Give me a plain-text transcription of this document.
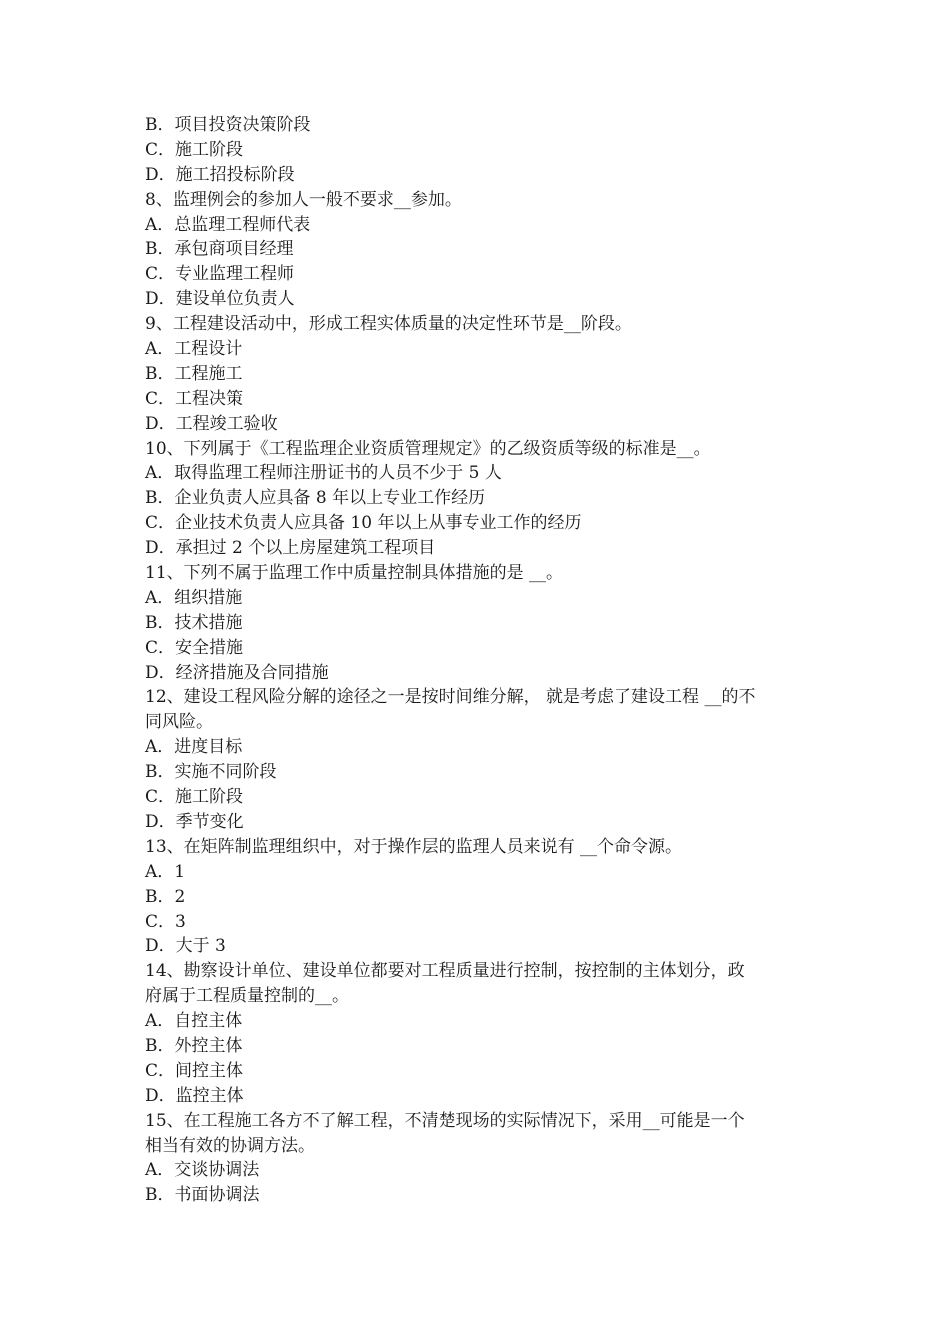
B．项目投资决策阶段
C．施工阶段
D．施工招投标阶段
8、监理例会的参加人一般不要求__参加。
A．总监理工程师代表
B．承包商项目经理
C．专业监理工程师
D．建设单位负责人
9、工程建设活动中，形成工程实体质量的决定性环节是__阶段。
A．工程设计
B．工程施工
C．工程决策
D．工程竣工验收
10、下列属于《工程监理企业资质管理规定》的乙级资质等级的标准是__。
A．取得监理工程师注册证书的人员不少于 5 人
B．企业负责人应具备 8 年以上专业工作经历
C．企业技术负责人应具备 10 年以上从事专业工作的经历
D．承担过 2 个以上房屋建筑工程项目
11、下列不属于监理工作中质量控制具体措施的是 __。
A．组织措施
B．技术措施
C．安全措施
D．经济措施及合同措施
12、建设工程风险分解的途径之一是按时间维分解， 就是考虑了建设工程 __的不
同风险。
A．进度目标
B．实施不同阶段
C．施工阶段
D．季节变化
13、在矩阵制监理组织中，对于操作层的监理人员来说有 __个命令源。
A．1
B．2
C．3
D．大于 3
14、勘察设计单位、建设单位都要对工程质量进行控制，按控制的主体划分，政
府属于工程质量控制的__。
A．自控主体
B．外控主体
C．间控主体
D．监控主体
15、在工程施工各方不了解工程，不清楚现场的实际情况下，采用__可能是一个
相当有效的协调方法。
A．交谈协调法
B．书面协调法
